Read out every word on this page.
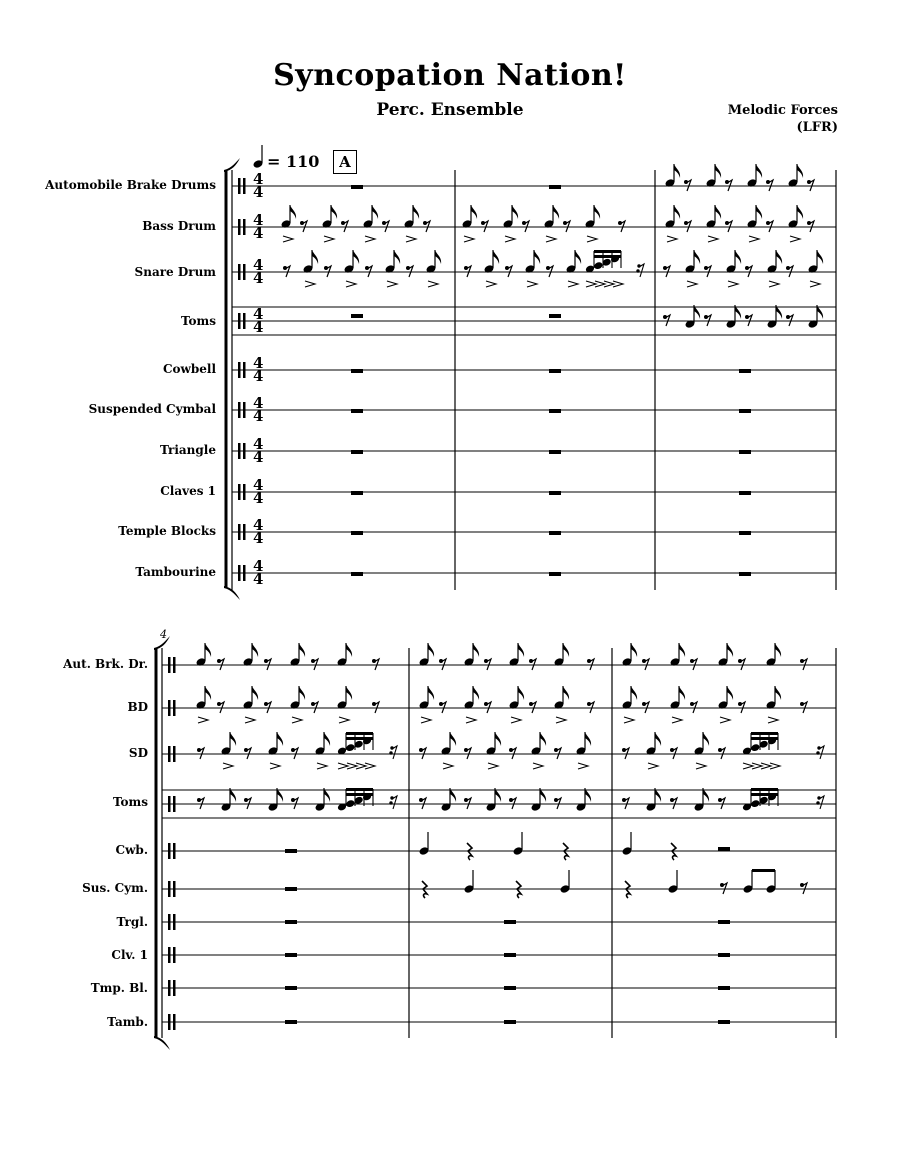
Syncopation Nation!
Perc. Ensemble	Melodic Forces
(LFR)
Automobile Brake Drums
Bass Drum
Snare Drum
Toms
Cowbell
Suspended Cymbal
Triangle
Claves 1
Temple Blocks
Tambourine
Aut. Brk. Dr.
BD
SD
Toms
Cwb.
Sus. Cym.
Trgl.
Clv. 1
Tmp. Bl.
Tamb.
= 110	A
4
4
4
4
4
4
4
4
4
4
4
4
4
4
4
4
4
4
4
4
4
